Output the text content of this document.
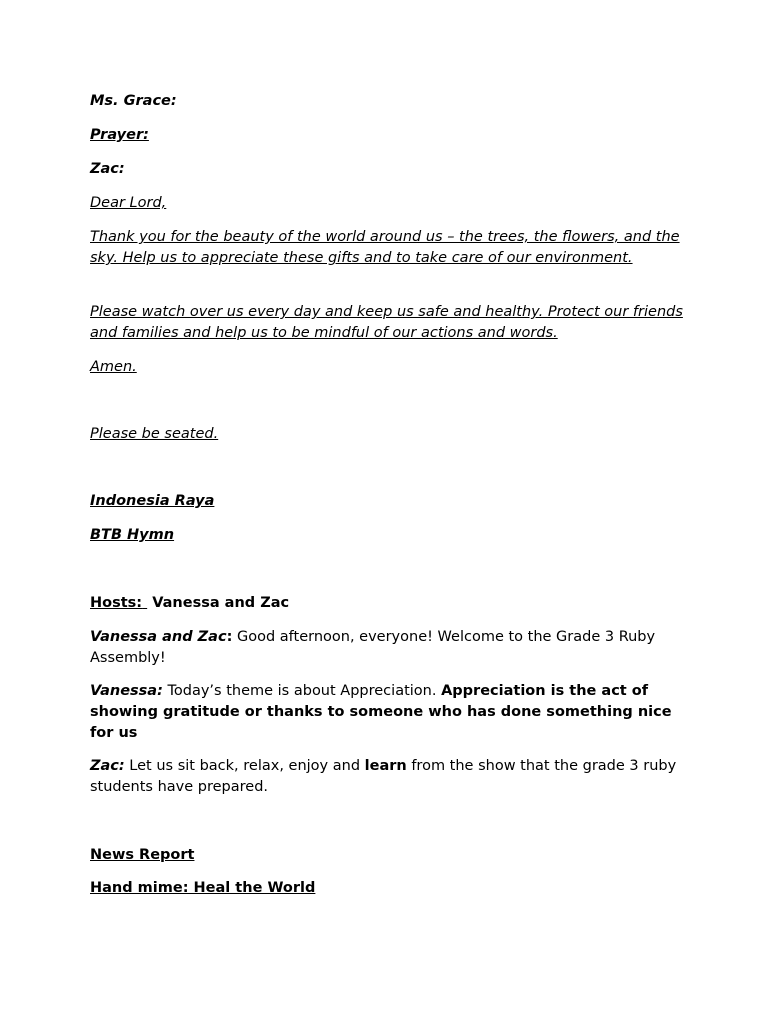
Ms. Grace:

Prayer:

Zac:

Dear Lord,

Thank you for the beauty of the world around us – the trees, the flowers, and the sky. Help us to appreciate these gifts and to take care of our environment.

Please watch over us every day and keep us safe and healthy. Protect our friends and families and help us to be mindful of our actions and words.

Amen.

Please be seated.

Indonesia Raya

BTB Hymn

Hosts: Vanessa and Zac

Vanessa and Zac: Good afternoon, everyone! Welcome to the Grade 3 Ruby Assembly!

Vanessa: Today’s theme is about Appreciation. Appreciation is the act of showing gratitude or thanks to someone who has done something nice for us

Zac: Let us sit back, relax, enjoy and learn from the show that the grade 3 ruby students have prepared.

News Report

Hand mime: Heal the World
